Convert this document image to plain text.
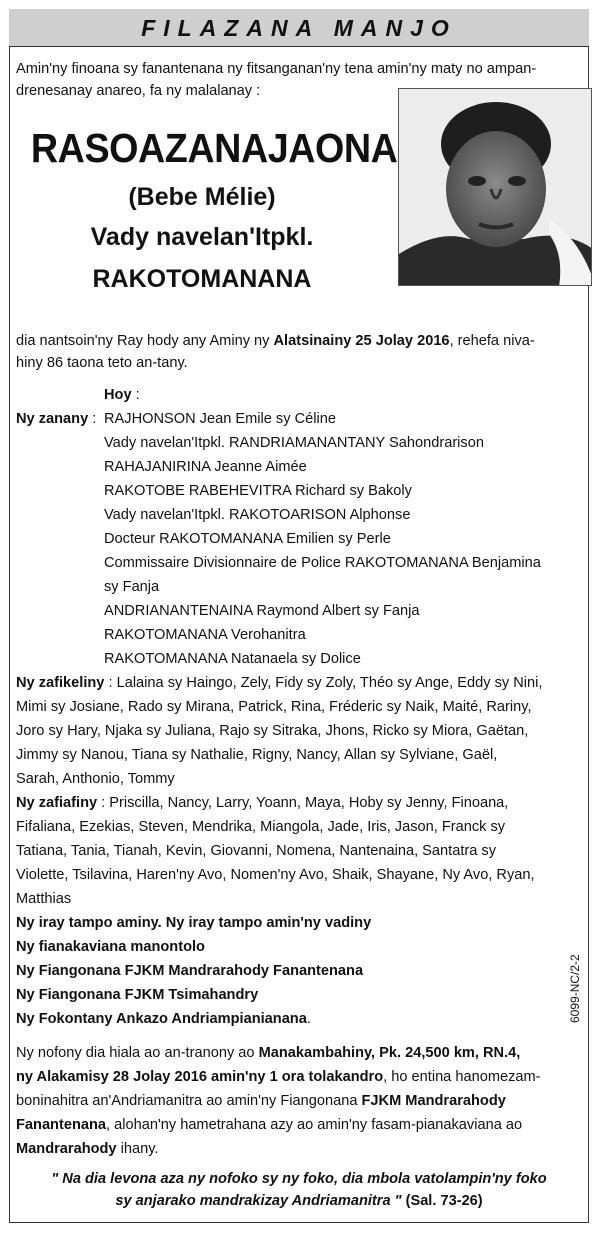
FILAZANA MANJO
Amin'ny finoana sy fanantenana ny fitsanganan'ny tena amin'ny maty no ampan-
drenesanay anareo, fa ny malalanay :
RASOAZANAJAONA
(Bebe Mélie)
Vady navelan'Itpkl.
RAKOTOMANANA
dia nantsoin'ny Ray hody any Aminy ny Alatsinainy 25 Jolay 2016, rehefa niva-
hiny 86 taona teto an-tany.
Hoy :
Ny zanany : RAJHONSON Jean Emile sy Céline
Vady navelan'Itpkl. RANDRIAMANANTANY Sahondrarison
RAHAJANIRINA Jeanne Aimée
RAKOTOBE RABEHEVITRA Richard sy Bakoly
Vady navelan'Itpkl. RAKOTOARISON Alphonse
Docteur RAKOTOMANANA Emilien sy Perle
Commissaire Divisionnaire de Police RAKOTOMANANA Benjamina
sy Fanja
ANDRIANANTENAINA Raymond Albert sy Fanja
RAKOTOMANANA Verohanitra
RAKOTOMANANA Natanaela sy Dolice
Ny zafikeliny : Lalaina sy Haingo, Zely, Fidy sy Zoly, Théo sy Ange, Eddy sy Nini,
Mimi sy Josiane, Rado sy Mirana, Patrick, Rina, Fréderic sy Naik, Maité, Rariny,
Joro sy Hary, Njaka sy Juliana, Rajo sy Sitraka, Jhons, Ricko sy Miora, Gaëtan,
Jimmy sy Nanou, Tiana sy Nathalie, Rigny, Nancy, Allan sy Sylviane, Gaël,
Sarah, Anthonio, Tommy
Ny zafiafiny : Priscilla, Nancy, Larry, Yoann, Maya, Hoby sy Jenny, Finoana,
Fifaliana, Ezekias, Steven, Mendrika, Miangola, Jade, Iris, Jason, Franck sy
Tatiana, Tania, Tianah, Kevin, Giovanni, Nomena, Nantenaina, Santatra sy
Violette, Tsilavina, Haren'ny Avo, Nomen'ny Avo, Shaik, Shayane, Ny Avo, Ryan,
Matthias
Ny iray tampo aminy. Ny iray tampo amin'ny vadiny
Ny fianakaviana manontolo
Ny Fiangonana FJKM Mandrarahody Fanantenana
Ny Fiangonana FJKM Tsimahandry
Ny Fokontany Ankazo Andriampianianana.	6099-NC/2-2
Ny nofony dia hiala ao an-tranony ao Manakambahiny, Pk. 24,500 km, RN.4,
ny Alakamisy 28 Jolay 2016 amin'ny 1 ora tolakandro, ho entina hanomezam-
boninahitra an'Andriamanitra ao amin'ny Fiangonana FJKM Mandrarahody
Fanantenana, alohan'ny hametrahana azy ao amin'ny fasam-pianakaviana ao
Mandrarahody ihany.
" Na dia levona aza ny nofoko sy ny foko, dia mbola vatolampin'ny foko
sy anjarako mandrakizay Andriamanitra " (Sal. 73-26)
